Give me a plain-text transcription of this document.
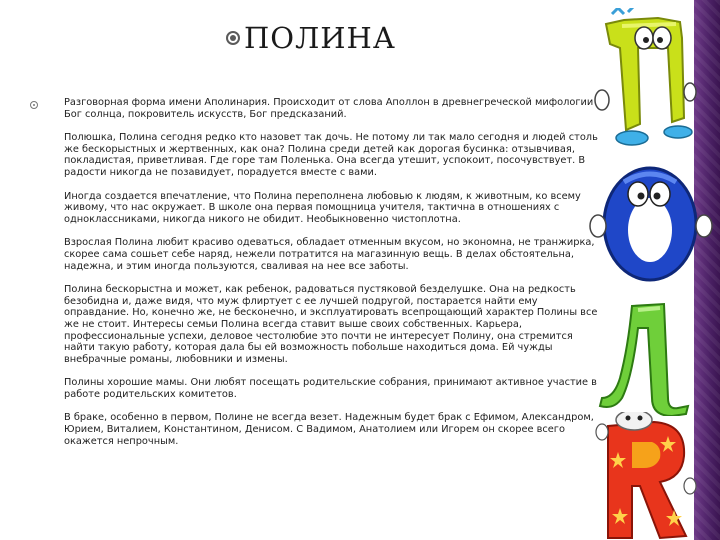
ПОЛИНА

Разговорная форма имени Аполинария. Происходит от слова Аполлон в древнегреческой мифологии Бог солнца, покровитель искусств, Бог предсказаний.

Полюшка, Полина сегодня редко кто назовет так дочь. Не потому ли так мало сегодня и людей столь же бескорыстных и жертвенных, как она? Полина среди детей как дорогая бусинка: отзывчивая, покладистая, приветливая. Где горе там Поленька. Она всегда утешит, успокоит, посочувствует. В радости никогда не позавидует, порадуется вместе с вами.

Иногда создается впечатление, что Полина переполнена любовью к людям, к животным, ко всему живому, что нас окружает. В школе она первая помощница учителя, тактична в отношениях с одноклассниками, никогда никого не обидит. Необыкновенно чистоплотна.

Взрослая Полина любит красиво одеваться, обладает отменным вкусом, но экономна, не транжирка, скорее сама сошьет себе наряд, нежели потратится на магазинную вещь. В делах обстоятельна, надежна, и этим иногда пользуются, сваливая на нее все заботы.

Полина бескорыстна и может, как ребенок, радоваться пустяковой безделушке. Она на редкость безобидна и, даже видя, что муж флиртует с ее лучшей подругой, постарается найти ему оправдание. Но, конечно же, не бесконечно, и эксплуатировать всепрощающий характер Полины все же не стоит. Интересы семьи Полина всегда ставит выше своих собственных. Карьера, профессиональные успехи, деловое честолюбие это почти не интересует Полину, она стремится найти такую работу, которая дала бы ей возможность побольше находиться дома. Ей чужды внебрачные романы, любовники и измены.

Полины хорошие мамы. Они любят посещать родительские собрания, принимают активное участие в работе родительских комитетов.

В браке, особенно в первом, Полине не всегда везет. Надежным будет брак с Ефимом, Александром, Юрием, Виталием, Константином, Денисом. С Вадимом, Анатолием или Игорем он скорее всего окажется непрочным.
